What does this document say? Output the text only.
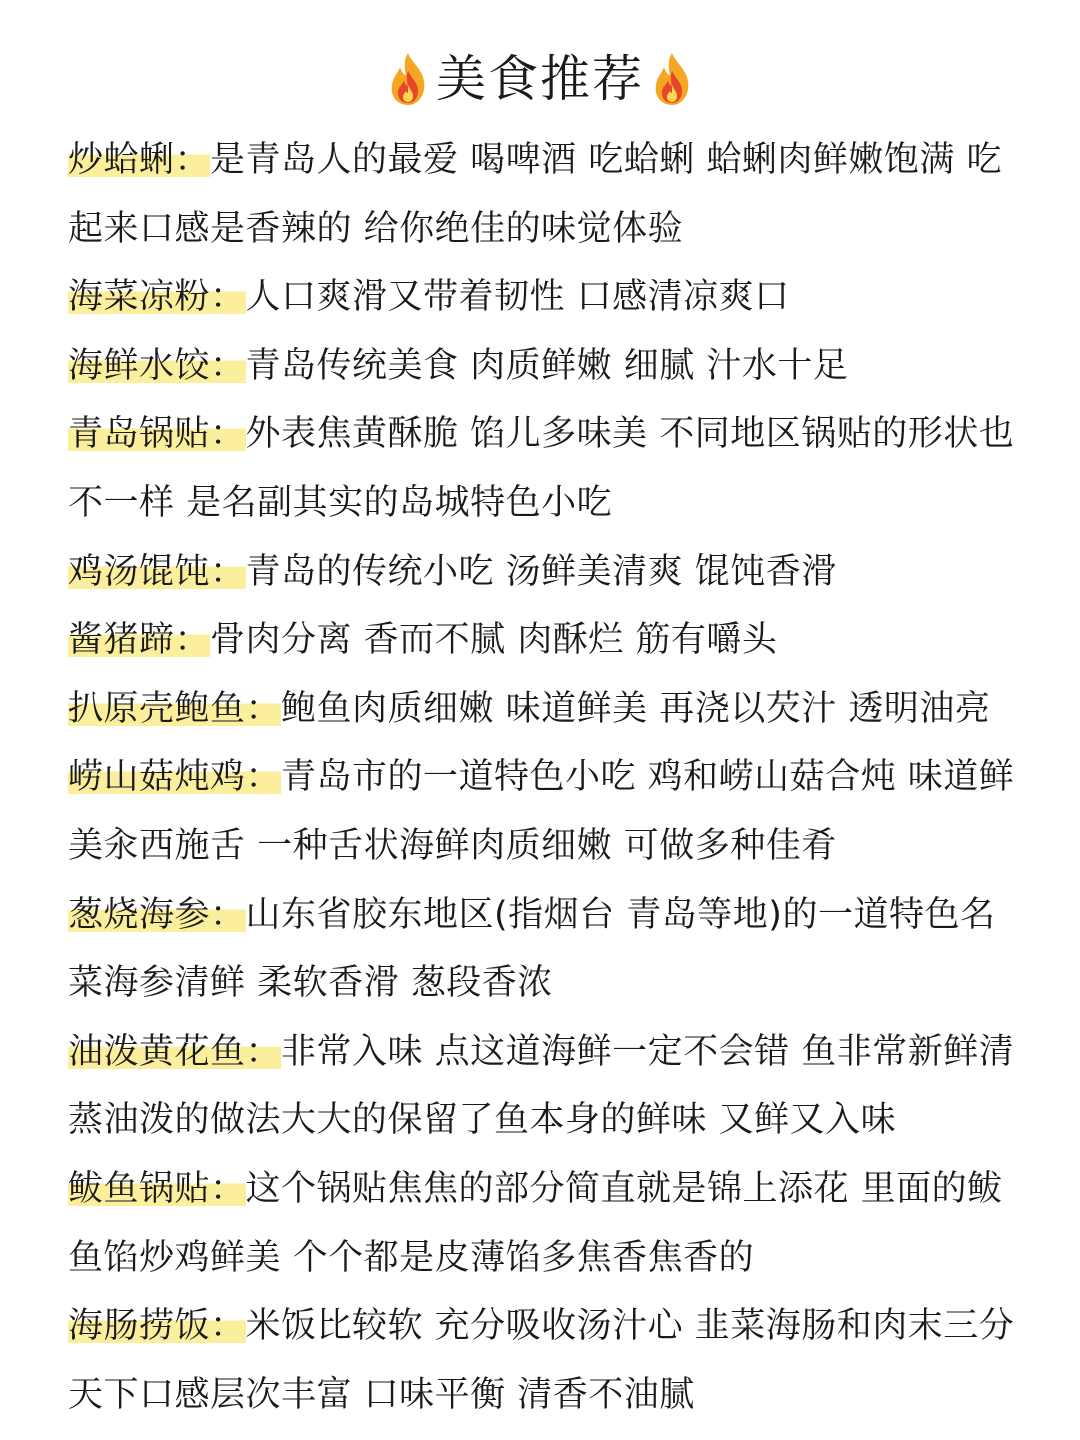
美食推荐
炒蛤蜊：是青岛人的最爱 喝啤酒 吃蛤蜊 蛤蜊肉鲜嫩饱满 吃起来口感是香辣的 给你绝佳的味觉体验
海菜凉粉：人口爽滑又带着韧性 口感清凉爽口
海鲜水饺：青岛传统美食 肉质鲜嫩 细腻 汁水十足
青岛锅贴：外表焦黄酥脆 馅儿多味美 不同地区锅贴的形状也不一样 是名副其实的岛城特色小吃
鸡汤馄饨：青岛的传统小吃 汤鲜美清爽 馄饨香滑
酱猪蹄：骨肉分离 香而不腻 肉酥烂 筋有嚼头
扒原壳鲍鱼：鲍鱼肉质细嫩 味道鲜美 再浇以芡汁 透明油亮
崂山菇炖鸡：青岛市的一道特色小吃 鸡和崂山菇合炖 味道鲜美汆西施舌 一种舌状海鲜肉质细嫩 可做多种佳肴
葱烧海参：山东省胶东地区(指烟台 青岛等地)的一道特色名菜海参清鲜 柔软香滑 葱段香浓
油泼黄花鱼：非常入味 点这道海鲜一定不会错 鱼非常新鲜清蒸油泼的做法大大的保留了鱼本身的鲜味 又鲜又入味
鲅鱼锅贴：这个锅贴焦焦的部分简直就是锦上添花 里面的鲅鱼馅炒鸡鲜美 个个都是皮薄馅多焦香焦香的
海肠捞饭：米饭比较软 充分吸收汤汁心 韭菜海肠和肉末三分天下口感层次丰富 口味平衡 清香不油腻
